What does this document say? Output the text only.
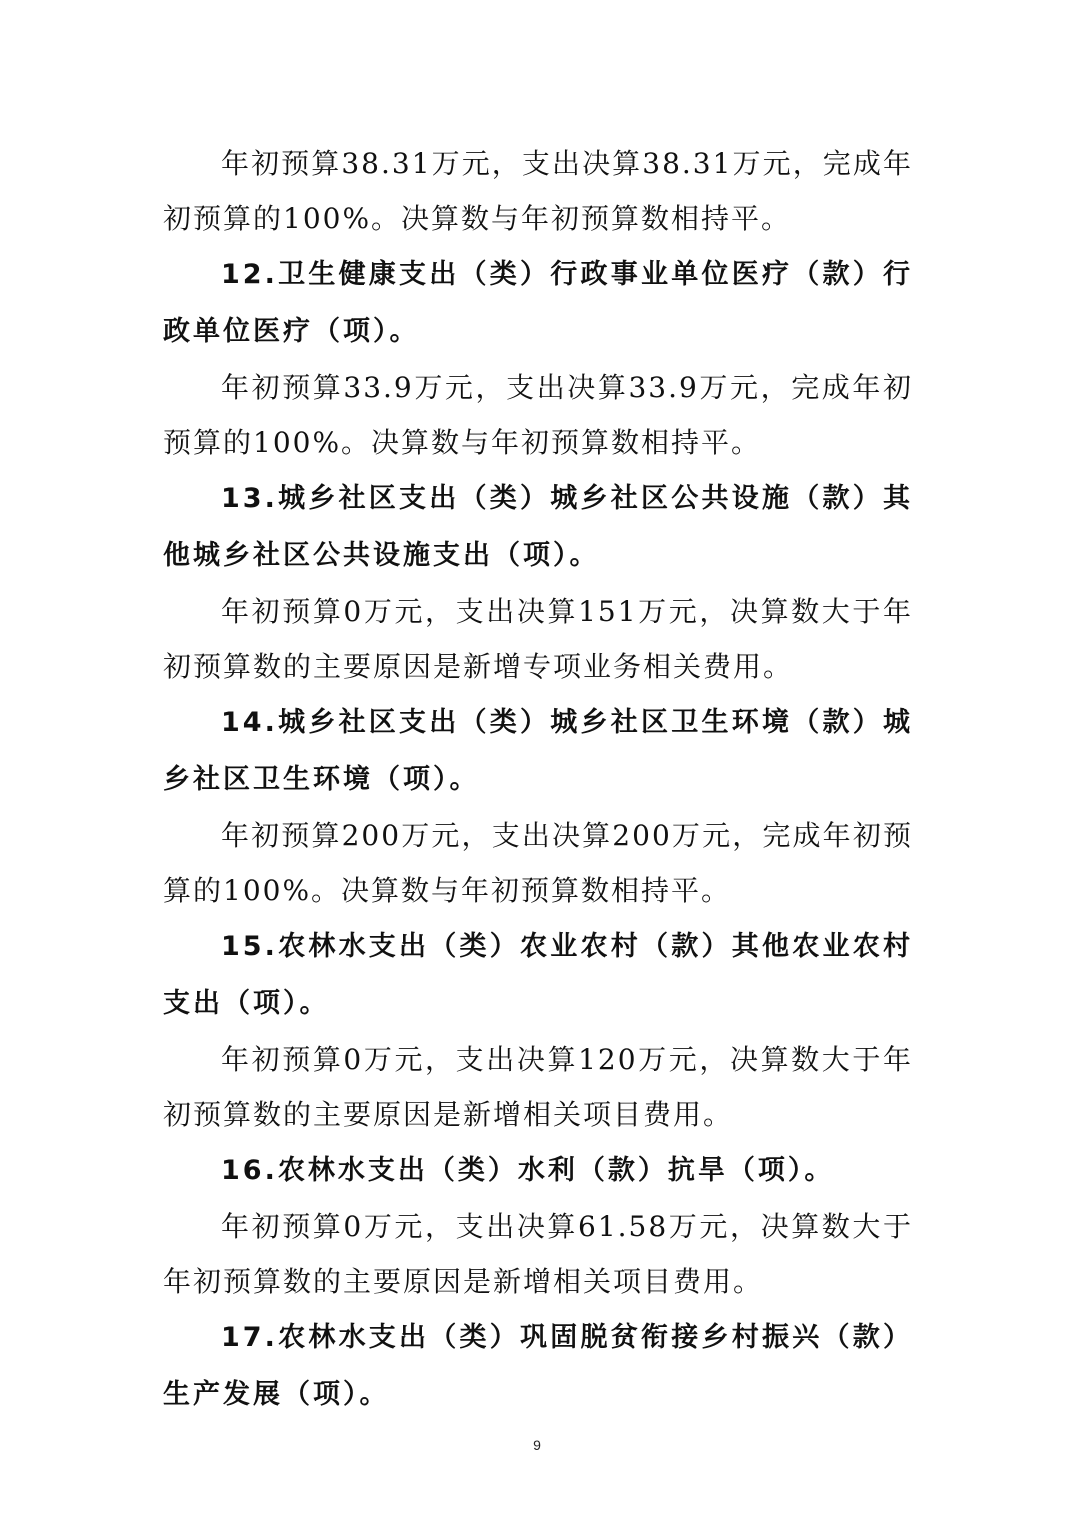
年初预算38.31万元，支出决算38.31万元，完成年初预算的100%。决算数与年初预算数相持平。

12.卫生健康支出（类）行政事业单位医疗（款）行政单位医疗（项）。

年初预算33.9万元，支出决算33.9万元，完成年初预算的100%。决算数与年初预算数相持平。

13.城乡社区支出（类）城乡社区公共设施（款）其他城乡社区公共设施支出（项）。

年初预算0万元，支出决算151万元，决算数大于年初预算数的主要原因是新增专项业务相关费用。

14.城乡社区支出（类）城乡社区卫生环境（款）城乡社区卫生环境（项）。

年初预算200万元，支出决算200万元，完成年初预算的100%。决算数与年初预算数相持平。

15.农林水支出（类）农业农村（款）其他农业农村支出（项）。

年初预算0万元，支出决算120万元，决算数大于年初预算数的主要原因是新增相关项目费用。

16.农林水支出（类）水利（款）抗旱（项）。

年初预算0万元，支出决算61.58万元，决算数大于年初预算数的主要原因是新增相关项目费用。

17.农林水支出（类）巩固脱贫衔接乡村振兴（款）生产发展（项）。

9
